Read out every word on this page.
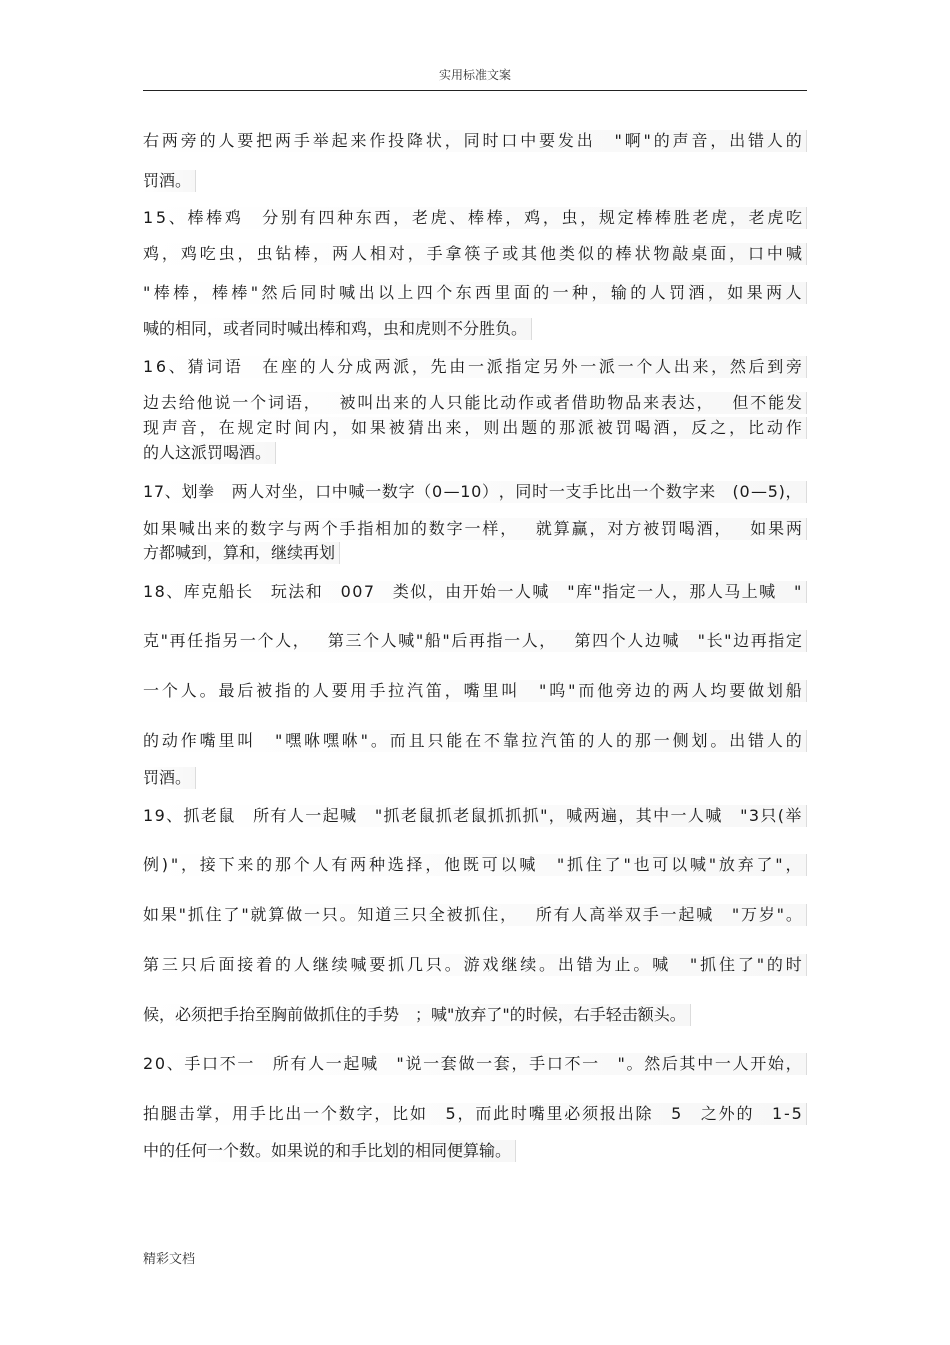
实用标准文案
右 两 旁 的 人 要 把 两 手 举 起 来 作 投 降 状 ， 同 时 口 中 要 发 出
　 " 啊 " 的 声 音 ， 出 错 人 的
罚酒。
1 5 、 棒 棒 鸡
　 分 别 有 四 种 东 西 ， 老 虎 、 棒 棒 ， 鸡 ， 虫 ， 规 定 棒 棒 胜 老 虎 ， 老 虎 吃
鸡 ， 鸡 吃 虫 ， 虫 钻 棒 ， 两 人 相 对 ， 手 拿 筷 子 或 其 他 类 似 的 棒 状 物 敲 桌 面 ， 口 中 喊
" 棒 棒 ， 棒 棒 " 然 后 同 时 喊 出 以 上 四 个 东 西 里 面 的 一 种 ， 输 的 人 罚 酒 ， 如 果 两 人
喊的相同，或者同时喊出棒和鸡，虫和虎则不分胜负。
1 6 、 猜 词 语
　 在 座 的 人 分 成 两 派 ， 先 由 一 派 指 定 另 外 一 派 一 个 人 出 来 ， 然 后 到 旁
边 去 给 他 说 一 个 词 语 ，
　 被 叫 出 来 的 人 只 能 比 动 作 或 者 借 助 物 品 来 表 达 ，
　 但 不 能 发
现 声 音 ， 在 规 定 时 间 内 ， 如 果 被 猜 出 来 ， 则 出 题 的 那 派 被 罚 喝 酒 ， 反 之 ， 比 动 作
的人这派罚喝酒。
1 7 、 划 拳
　 两 人 对 坐 ， 口 中 喊 一 数 字 （ 0 — 1 0 ） ， 同 时 一 支 手 比 出 一 个 数 字 来
　 ( 0 — 5 ) ，
如 果 喊 出 来 的 数 字 与 两 个 手 指 相 加 的 数 字 一 样 ，
　 就 算 赢 ， 对 方 被 罚 喝 酒 ，
　 如 果 两
方都喊到，算和，继续再划
1 8 、 库 克 船 长
　 玩 法 和
　 0 0 7
　 类 似 ， 由 开 始 一 人 喊
　 " 库 " 指 定 一 人 ， 那 人 马 上 喊
　 "
克 " 再 任 指 另 一 个 人 ，
　 第 三 个 人 喊 " 船 " 后 再 指 一 人 ，
　 第 四 个 人 边 喊
　 " 长 " 边 再 指 定
一 个 人 。 最 后 被 指 的 人 要 用 手 拉 汽 笛 ， 嘴 里 叫
　 " 呜 " 而 他 旁 边 的 两 人 均 要 做 划 船
的 动 作 嘴 里 叫
　 " 嘿 咻 嘿 咻 " 。 而 且 只 能 在 不 靠 拉 汽 笛 的 人 的 那 一 侧 划 。 出 错 人 的
罚酒。
1 9 、 抓 老 鼠
　 所 有 人 一 起 喊
　 " 抓 老 鼠 抓 老 鼠 抓 抓 抓 " ， 喊 两 遍 ， 其 中 一 人 喊
　 " 3 只 ( 举
例 ) " ， 接 下 来 的 那 个 人 有 两 种 选 择 ， 他 既 可 以 喊
　 " 抓 住 了 " 也 可 以 喊 " 放 弃 了 " ，
如 果 " 抓 住 了 " 就 算 做 一 只 。 知 道 三 只 全 被 抓 住 ，
　 所 有 人 高 举 双 手 一 起 喊
　 " 万 岁 " 。
第 三 只 后 面 接 着 的 人 继 续 喊 要 抓 几 只 。 游 戏 继 续 。 出 错 为 止 。 喊
　 " 抓 住 了 " 的 时
候，必须把手抬至胸前做抓住的手势　；喊"放弃了"的时候，右手轻击额头。
2 0 、 手 口 不 一
　 所 有 人 一 起 喊
　 " 说 一 套 做 一 套 ， 手 口 不 一
　 " 。 然 后 其 中 一 人 开 始 ，
拍 腿 击 掌 ， 用 手 比 出 一 个 数 字 ， 比 如
　 5 ， 而 此 时 嘴 里 必 须 报 出 除
　 5
　 之 外 的
　 1 - 5
中的任何一个数。如果说的和手比划的相同便算输。
精彩文档
